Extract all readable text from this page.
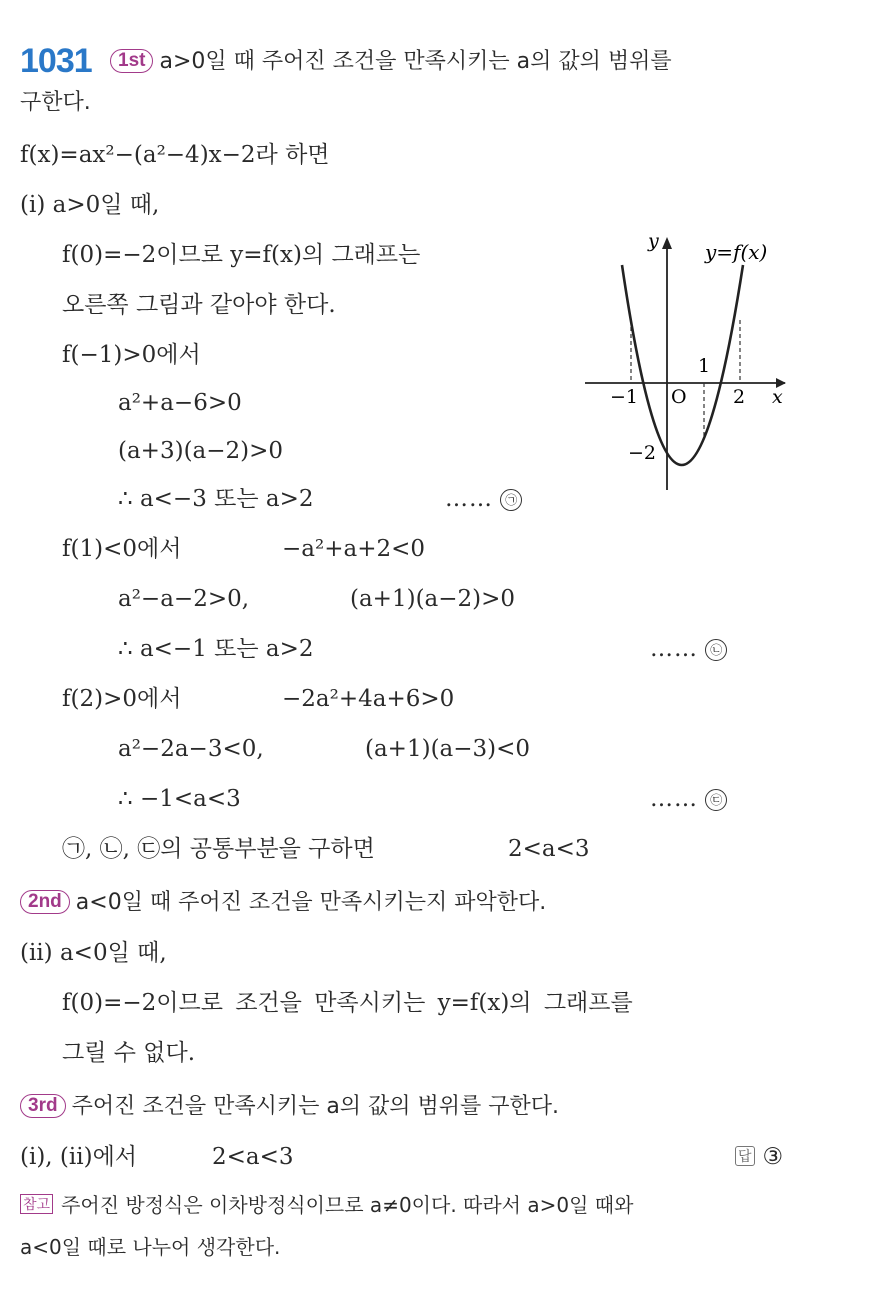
1031	1st a>0일 때 주어진 조건을 만족시키는 a의 값의 범위를
구한다.
f(x)=ax²−(a²−4)x−2라 하면
(i) a>0일 때,
f(0)=−2이므로 y=f(x)의 그래프는
오른쪽 그림과 같아야 한다.
f(−1)>0에서
a²+a−6>0
(a+3)(a−2)>0
∴ a<−3 또는 a>2	…… ㉠
f(1)<0에서	−a²+a+2<0
a²−a−2>0,	(a+1)(a−2)>0
∴ a<−1 또는 a>2	…… ㉡
f(2)>0에서	−2a²+4a+6>0
a²−2a−3<0,	(a+1)(a−3)<0
∴ −1<a<3	…… ㉢
㉠, ㉡, ㉢의 공통부분을 구하면	2<a<3
2nd a<0일 때 주어진 조건을 만족시키는지 파악한다.
(ii) a<0일 때,
f(0)=−2이므로 조건을 만족시키는 y=f(x)의 그래프를
그릴 수 없다.
3rd 주어진 조건을 만족시키는 a의 값의 범위를 구한다.
(i), (ii)에서	2<a<3	답 ③
참고 주어진 방정식은 이차방정식이므로 a≠0이다. 따라서 a>0일 때와
a<0일 때로 나누어 생각한다.
y y=f(x)
x
−1 O
1
2
−2
